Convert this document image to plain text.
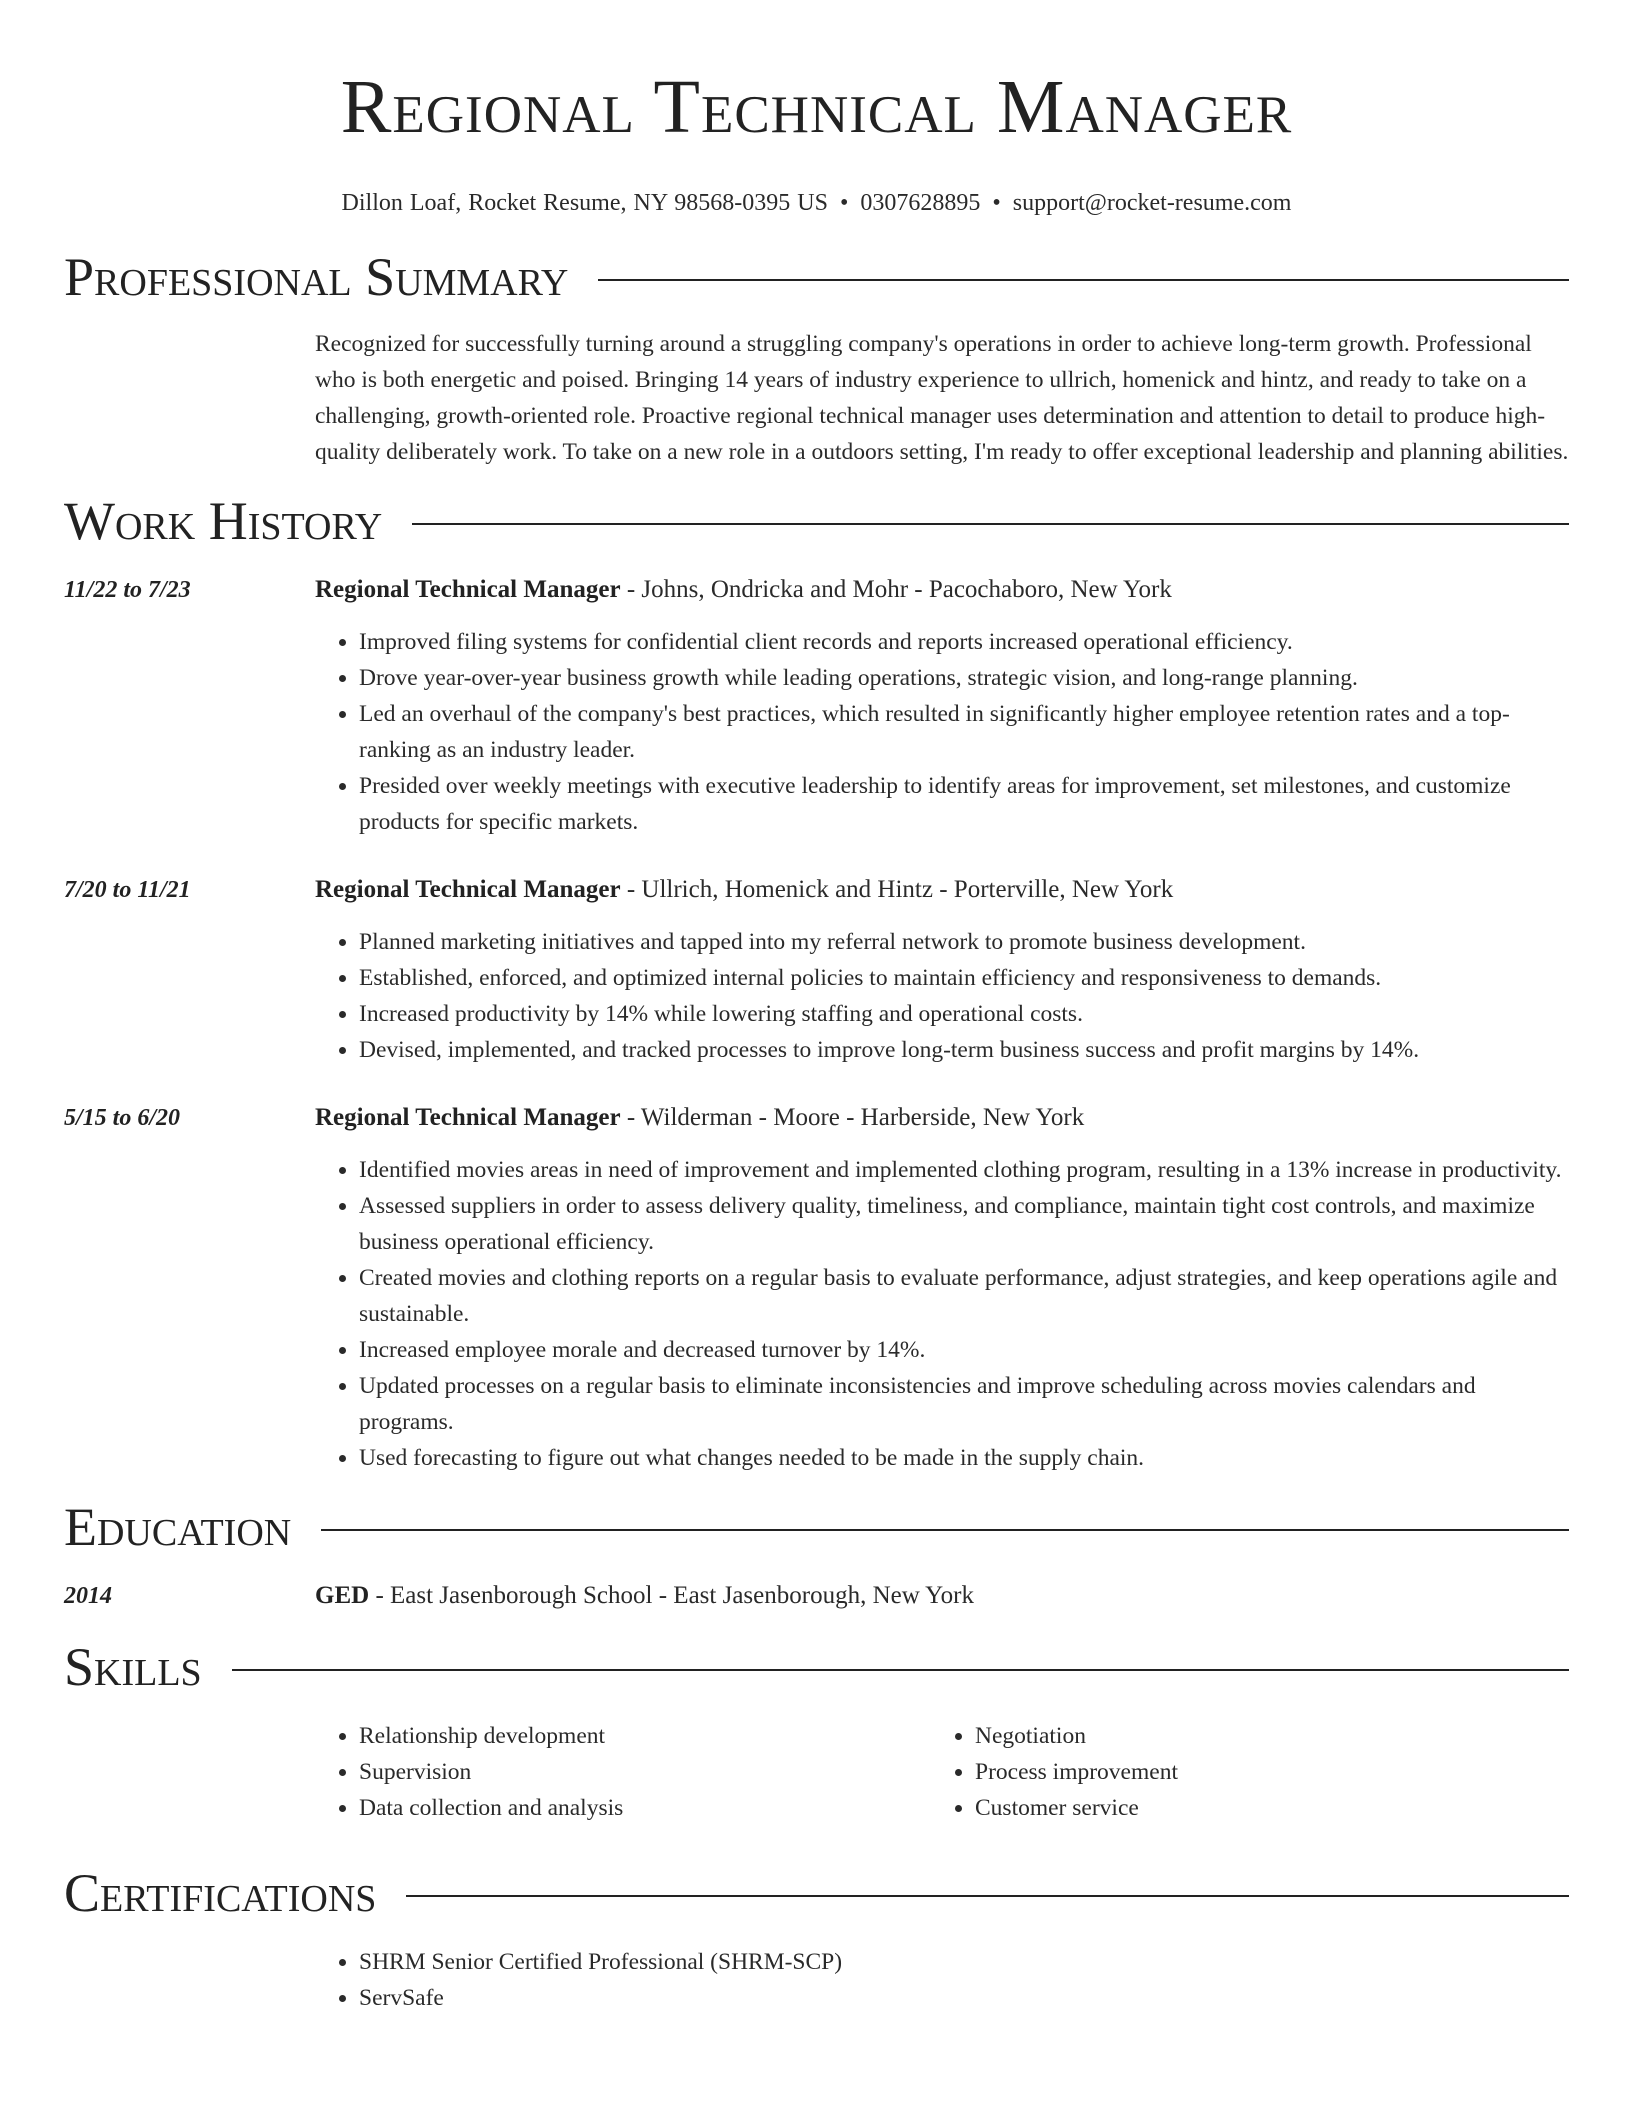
Regional Technical Manager
Dillon Loaf, Rocket Resume, NY 98568-0395 US • 0307628895 • support@rocket-resume.com
Professional Summary
Recognized for successfully turning around a struggling company's operations in order to achieve long-term growth. Professional who is both energetic and poised. Bringing 14 years of industry experience to ullrich, homenick and hintz, and ready to take on a challenging, growth-oriented role. Proactive regional technical manager uses determination and attention to detail to produce high-quality deliberately work. To take on a new role in a outdoors setting, I'm ready to offer exceptional leadership and planning abilities.
Work History
11/22 to 7/23	Regional Technical Manager - Johns, Ondricka and Mohr - Pacochaboro, New York
• Improved filing systems for confidential client records and reports increased operational efficiency.
• Drove year-over-year business growth while leading operations, strategic vision, and long-range planning.
• Led an overhaul of the company's best practices, which resulted in significantly higher employee retention rates and a top-ranking as an industry leader.
• Presided over weekly meetings with executive leadership to identify areas for improvement, set milestones, and customize products for specific markets.
7/20 to 11/21	Regional Technical Manager - Ullrich, Homenick and Hintz - Porterville, New York
• Planned marketing initiatives and tapped into my referral network to promote business development.
• Established, enforced, and optimized internal policies to maintain efficiency and responsiveness to demands.
• Increased productivity by 14% while lowering staffing and operational costs.
• Devised, implemented, and tracked processes to improve long-term business success and profit margins by 14%.
5/15 to 6/20	Regional Technical Manager - Wilderman - Moore - Harberside, New York
• Identified movies areas in need of improvement and implemented clothing program, resulting in a 13% increase in productivity.
• Assessed suppliers in order to assess delivery quality, timeliness, and compliance, maintain tight cost controls, and maximize business operational efficiency.
• Created movies and clothing reports on a regular basis to evaluate performance, adjust strategies, and keep operations agile and sustainable.
• Increased employee morale and decreased turnover by 14%.
• Updated processes on a regular basis to eliminate inconsistencies and improve scheduling across movies calendars and programs.
• Used forecasting to figure out what changes needed to be made in the supply chain.
Education
2014	GED - East Jasenborough School - East Jasenborough, New York
Skills
• Relationship development
• Supervision
• Data collection and analysis
• Negotiation
• Process improvement
• Customer service
Certifications
• SHRM Senior Certified Professional (SHRM-SCP)
• ServSafe
